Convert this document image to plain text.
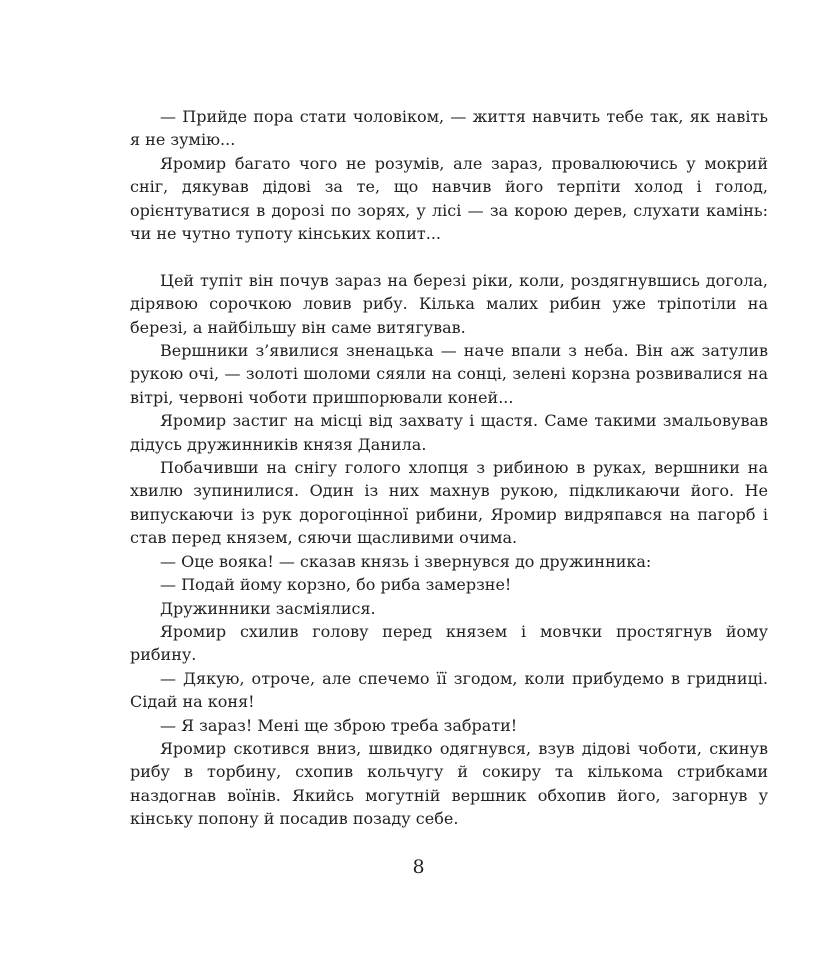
— Прийде пора стати чоловіком, — життя навчить тебе так, як навіть я не зумію...

Яромир багато чого не розумів, але зараз, провалюючись у мокрий сніг, дякував дідові за те, що навчив його терпіти холод і голод, орієнтуватися в дорозі по зорях, у лісі — за корою дерев, слухати камінь: чи не чутно тупоту кінських копит...

Цей тупіт він почув зараз на березі ріки, коли, роздягнувшись догола, дірявою сорочкою ловив рибу. Кілька малих рибин уже тріпотіли на березі, а найбільшу він саме витягував.

Вершники з’явилися зненацька — наче впали з неба. Він аж затулив рукою очі, — золоті шоломи сяяли на сонці, зелені корзна розвивалися на вітрі, червоні чоботи пришпорювали коней...

Яромир застиг на місці від захвату і щастя. Саме такими змальовував дідусь дружинників князя Данила.

Побачивши на снігу голого хлопця з рибиною в руках, вершники на хвилю зупинилися. Один із них махнув рукою, підкликаючи його. Не випускаючи із рук дорогоцінної рибини, Яромир видряпався на пагорб і став перед князем, сяючи щасливими очима.

— Оце вояка! — сказав князь і звернувся до дружинника:

— Подай йому корзно, бо риба замерзне!

Дружинники засміялися.

Яромир схилив голову перед князем і мовчки простягнув йому рибину.

— Дякую, отроче, але спечемо її згодом, коли прибудемо в гридниці. Сідай на коня!

— Я зараз! Мені ще зброю треба забрати!

Яромир скотився вниз, швидко одягнувся, взув дідові чоботи, скинув рибу в торбину, схопив кольчугу й сокиру та кількома стрибками наздогнав воїнів. Якийсь могутній вершник обхопив його, загорнув у кінську попону й посадив позаду себе.

8
